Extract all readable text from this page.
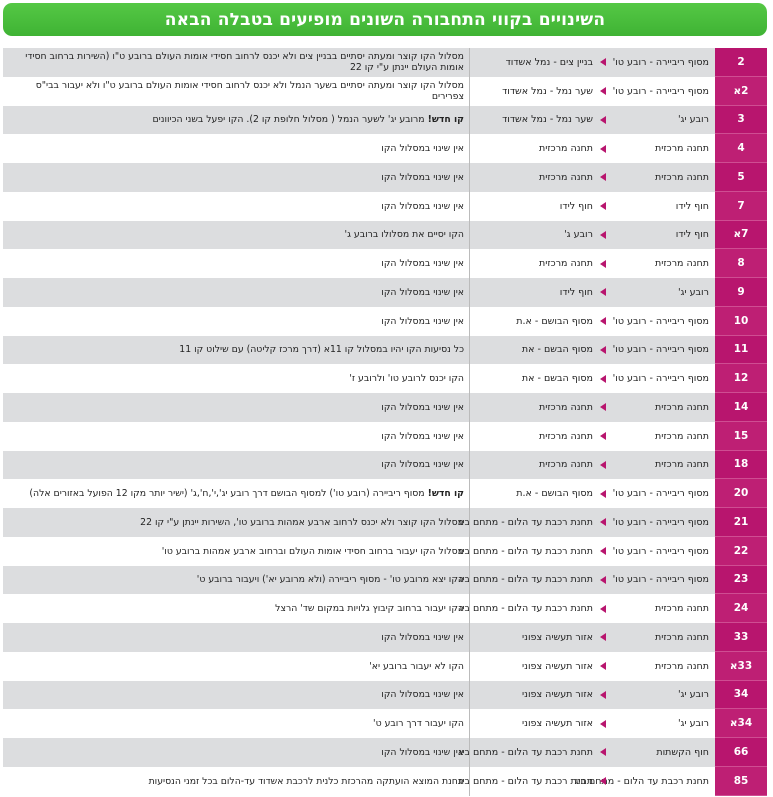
השינויים בקווי התחבורה השונים מופיעים בטבלה הבאה
2
מסוף ריביירה - רובע טו'
בניין צים - נמל אשדוד
מסלול הקו קוצר ומעתה יסתיים בבניין צים ולא יכנס לרחוב חסידי אומות העולם ברובע ט"ו (השירות ברחוב חסידי אומות העולם יינתן ע"י קו 22
2א
מסוף ריביירה - רובע טו'
שער נמל - נמל אשדוד
מסלול הקו קוצר ומעתה יסתיים בשער הנמל ולא יכנס לרחוב חסידי אומות העולם ברובע ט"ו ולא יעבור בבי"ס צפרירים
3
רובע יג'
שער נמל - נמל אשדוד
קו חדש! מרובע יג' לשער הנמל ( מסלול חלופת קו 2). הקו יפעל בשני הכיוונים
4
תחנה מרכזית
תחנה מרכזית
אין שינוי במסלול הקו
5
תחנה מרכזית
תחנה מרכזית
אין שינוי במסלול הקו
7
חוף לידו
חוף לידו
אין שינוי במסלול הקו
7א
חוף לידו
רובע ג'
הקו יסיים את מסלולו ברובע ג'
8
תחנה מרכזית
תחנה מרכזית
אין שינוי במסלול הקו
9
רובע יג'
חוף לידו
אין שינוי במסלול הקו
10
מסוף ריביירה - רובע טו'
מסוף הבושם - א.ת
אין שינוי במסלול הקו
11
מסוף ריביירה - רובע טו'
מסוף הבשם - את
כל נסיעות הקו יהיו במסלול קו 11א (דרך מרכז קליטה) עם שילוט קו 11
12
מסוף ריביירה - רובע טו'
מסוף הבשם - את
הקו יכנס לרובע טו' ולרובע ז'
14
תחנה מרכזית
תחנה מרכזית
אין שינוי במסלול הקו
15
תחנה מרכזית
תחנה מרכזית
אין שינוי במסלול הקו
18
תחנה מרכזית
תחנה מרכזית
אין שינוי במסלול הקו
20
מסוף ריביירה - רובע טו'
מסוף הבושם - א.ת
קו חדש! מסוף ריביירה (רובע טו') למסוף הבושם דרך רובע יג',י',ח',ג' (ישיר יותר מקו 12 הפועל באזורים אלה)
21
מסוף ריביירה - רובע טו'
תחנת רכבת עד הלום - מתחם ביג
מסלול הקו קוצר ולא יכנס לרחוב ארבע אמהות ברובע טו', השירות יינתן ע"י קו 22
22
מסוף ריביירה - רובע טו'
תחנת רכבת עד הלום - מתחם ביג
מסלול הקו יעבור ברחוב חסידי אומות העולם וברחוב ארבע אמהות ברובע טו'
23
מסוף ריביירה - רובע טו'
תחנת רכבת עד הלום - מתחם ביג
הקו יצא מרובע טו' - מסוף ריביירה (ולא מרובע יא') ויעבור ברובע ט'
24
תחנה מרכזית
תחנת רכבת עד הלום - מתחם ביג
הקו יעבור ברחוב קיבוץ גלויות במקום שד' הרצל
33
תחנה מרכזית
אזור תעשיה צפוני
אין שינוי במסלול הקו
33א
תחנה מרכזית
אזור תעשיה צפוני
הקו לא יעבור ברובע יא'
34
רובע יג'
אזור תעשיה צפוני
אין שינוי במסלול הקו
34א
רובע יג'
אזור תעשיה צפוני
הקו יעבור דרך רובע ט'
66
חוף הקשתות
תחנת רכבת עד הלום - מתחם ביג
אין שינוי במסלול הקו
85
תחנת רכבת עד הלום - מתחם ביג
תחנת רכבת עד הלום - מתחם ביג
תחנת המוצא הועתקה מהרכזת כלנית לרכבת אשדוד עד-הלום בכל זמני הנסיעות
